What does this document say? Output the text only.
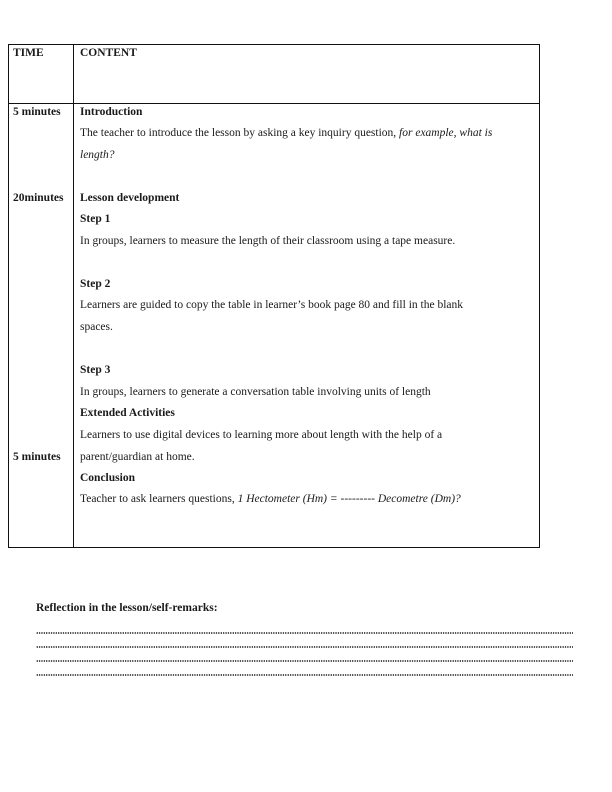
TIME	CONTENT
5 minutes Introduction
The teacher to introduce the lesson by asking a key inquiry question, for example, what is
length?
20minutes Lesson development
Step 1
In groups, learners to measure the length of their classroom using a tape measure.
Step 2
Learners are guided to copy the table in learner’s book page 80 and fill in the blank
spaces.
Step 3
In groups, learners to generate a conversation table involving units of length
Extended Activities
Learners to use digital devices to learning more about length with the help of a
parent/guardian at home.
5 minutes
Conclusion
Teacher to ask learners questions, 1 Hectometer (Hm) = --------- Decometre (Dm)?
Reflection in the lesson/self-remarks:
